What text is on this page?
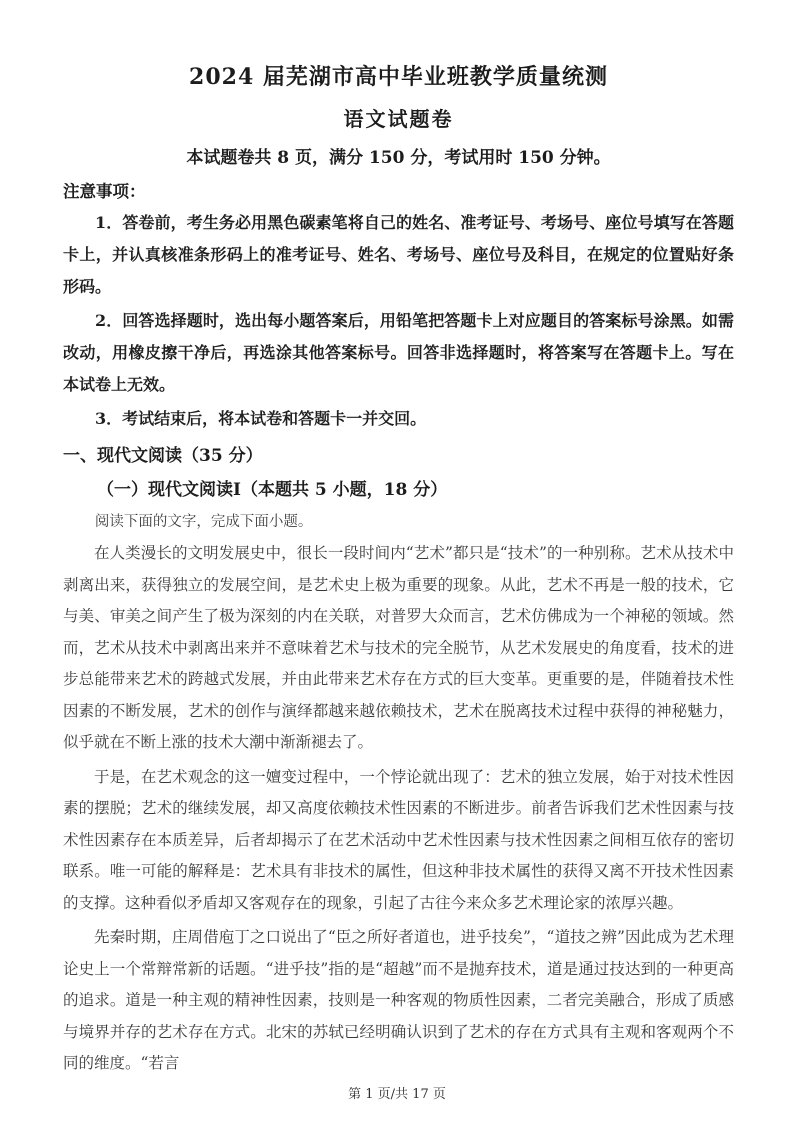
2024 届芜湖市高中毕业班教学质量统测
语文试题卷

本试题卷共 8 页，满分 150 分，考试用时 150 分钟。

注意事项：

1．答卷前，考生务必用黑色碳素笔将自己的姓名、准考证号、考场号、座位号填写在答题卡上，并认真核准条形码上的准考证号、姓名、考场号、座位号及科目，在规定的位置贴好条形码。

2．回答选择题时，选出每小题答案后，用铅笔把答题卡上对应题目的答案标号涂黑。如需改动，用橡皮擦干净后，再选涂其他答案标号。回答非选择题时，将答案写在答题卡上。写在本试卷上无效。

3．考试结束后，将本试卷和答题卡一并交回。

一、现代文阅读（35 分）

（一）现代文阅读Ⅰ（本题共 5 小题，18 分）

阅读下面的文字，完成下面小题。

在人类漫长的文明发展史中，很长一段时间内“艺术”都只是“技术”的一种别称。艺术从技术中剥离出来，获得独立的发展空间，是艺术史上极为重要的现象。从此，艺术不再是一般的技术，它与美、审美之间产生了极为深刻的内在关联，对普罗大众而言，艺术仿佛成为一个神秘的领域。然而，艺术从技术中剥离出来并不意味着艺术与技术的完全脱节，从艺术发展史的角度看，技术的进步总能带来艺术的跨越式发展，并由此带来艺术存在方式的巨大变革。更重要的是，伴随着技术性因素的不断发展，艺术的创作与演绎都越来越依赖技术，艺术在脱离技术过程中获得的神秘魅力，似乎就在不断上涨的技术大潮中渐渐褪去了。

于是，在艺术观念的这一嬗变过程中，一个悖论就出现了：艺术的独立发展，始于对技术性因素的摆脱；艺术的继续发展，却又高度依赖技术性因素的不断进步。前者告诉我们艺术性因素与技术性因素存在本质差异，后者却揭示了在艺术活动中艺术性因素与技术性因素之间相互依存的密切联系。唯一可能的解释是：艺术具有非技术的属性，但这种非技术属性的获得又离不开技术性因素的支撑。这种看似矛盾却又客观存在的现象，引起了古往今来众多艺术理论家的浓厚兴趣。

先秦时期，庄周借庖丁之口说出了“臣之所好者道也，进乎技矣”，“道技之辨”因此成为艺术理论史上一个常辩常新的话题。“进乎技”指的是“超越”而不是抛弃技术，道是通过技达到的一种更高的追求。道是一种主观的精神性因素，技则是一种客观的物质性因素，二者完美融合，形成了质感与境界并存的艺术存在方式。北宋的苏轼已经明确认识到了艺术的存在方式具有主观和客观两个不同的维度。“若言

第 1 页/共 17 页
